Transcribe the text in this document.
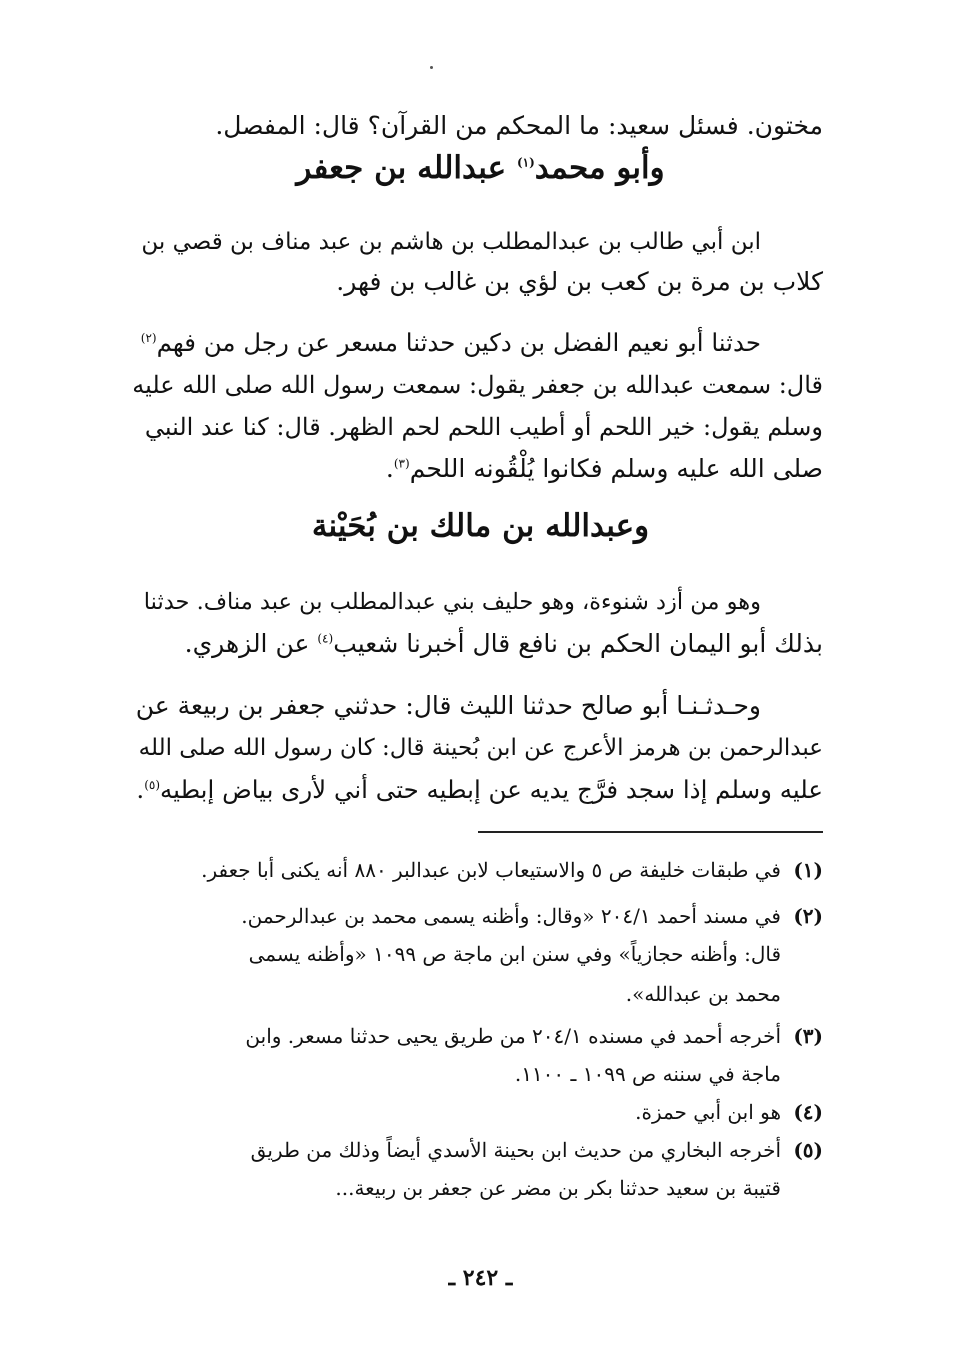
مختون. فسئل سعيد: ما المحكم من القرآن؟ قال: المفصل.
وأبو محمد$^{(١)}$ عبدالله بن جعفر
ابن أبي طالب بن عبدالمطلب بن هاشم بن عبد مناف بن قصي بن
كلاب بن مرة بن كعب بن لؤي بن غالب بن فهر.
حدثنا أبو نعيم الفضل بن دكين حدثنا مسعر عن رجل من فهم$^{(٢)}$
قال: سمعت عبدالله بن جعفر يقول: سمعت رسول الله صلى الله عليه
وسلم يقول: خير اللحم أو أطيب اللحم لحم الظهر. قال: كنا عند النبي
صلى الله عليه وسلم فكانوا يُلْقُونه اللحم$^{(٣)}$.
وعبدالله بن مالك بن بُحَيْنة
وهو من أزد شنوءة، وهو حليف بني عبدالمطلب بن عبد مناف. حدثنا
بذلك أبو اليمان الحكم بن نافع قال أخبرنا شعيب$^{(٤)}$ عن الزهري.
وحـدثـنـا أبو صالح حدثنا الليث قال: حدثني جعفر بن ربيعة عن
عبدالرحمن بن هرمز الأعرج عن ابن بُحينة قال: كان رسول الله صلى الله
عليه وسلم إذا سجد فرَّج يديه عن إبطيه حتى أني لأرى بياض إبطيه$^{(٥)}$.
(١)
في طبقات خليفة ص ٥ والاستيعاب لابن عبدالبر ٨٨٠ أنه يكنى أبا جعفر.
(٢)
في مسند أحمد ٢٠٤/١ «وقال: وأظنه يسمى محمد بن عبدالرحمن.
قال: وأظنه حجازياً» وفي سنن ابن ماجة ص ١٠٩٩ «وأظنه يسمى
محمد بن عبدالله».
(٣)
أخرجه أحمد في مسنده ٢٠٤/١ من طريق يحيى حدثنا مسعر. وابن
ماجة في سننه ص ١٠٩٩ ـ ١١٠٠.
(٤)
هو ابن أبي حمزة.
(٥)
أخرجه البخاري من حديث ابن بحينة الأسدي أيضاً وذلك من طريق
قتيبة بن سعيد حدثنا بكر بن مضر عن جعفر بن ربيعة...
ـ ٢٤٢ ـ
